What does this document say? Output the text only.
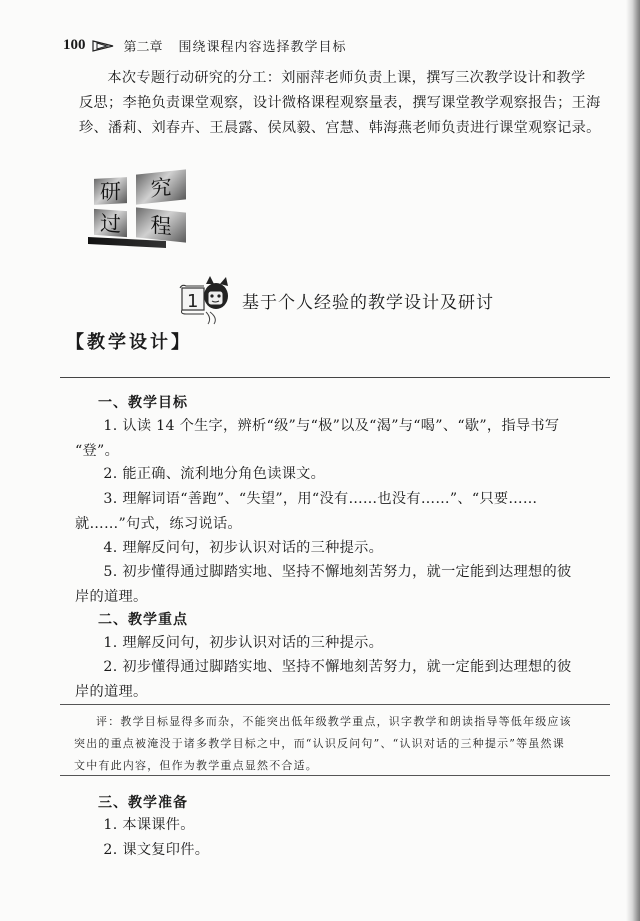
100	第二章 围绕课程内容选择教学目标
本次专题行动研究的分工：刘丽萍老师负责上课，撰写三次教学设计和教学
反思；李艳负责课堂观察，设计微格课程观察量表，撰写课堂教学观察报告；王海
珍、潘莉、刘春卉、王晨露、侯凤毅、宫慧、韩海燕老师负责进行课堂观察记录。
研	究
过	程
1	基于个人经验的教学设计及研讨
【教学设计】
一、教学目标
1. 认读 14 个生字，辨析“级”与“极”以及“渴”与“喝”、“歇”，指导书写
“登”。
2. 能正确、流利地分角色读课文。
3. 理解词语“善跑”、“失望”，用“没有……也没有……”、“只要……
就……”句式，练习说话。
4. 理解反问句，初步认识对话的三种提示。
5. 初步懂得通过脚踏实地、坚持不懈地刻苦努力，就一定能到达理想的彼
岸的道理。
二、教学重点
1. 理解反问句，初步认识对话的三种提示。
2. 初步懂得通过脚踏实地、坚持不懈地刻苦努力，就一定能到达理想的彼
岸的道理。
评：教学目标显得多而杂，不能突出低年级教学重点，识字教学和朗读指导等低年级应该
突出的重点被淹没于诸多教学目标之中，而“认识反问句”、“认识对话的三种提示”等虽然课
文中有此内容，但作为教学重点显然不合适。
三、教学准备
1. 本课课件。
2. 课文复印件。
